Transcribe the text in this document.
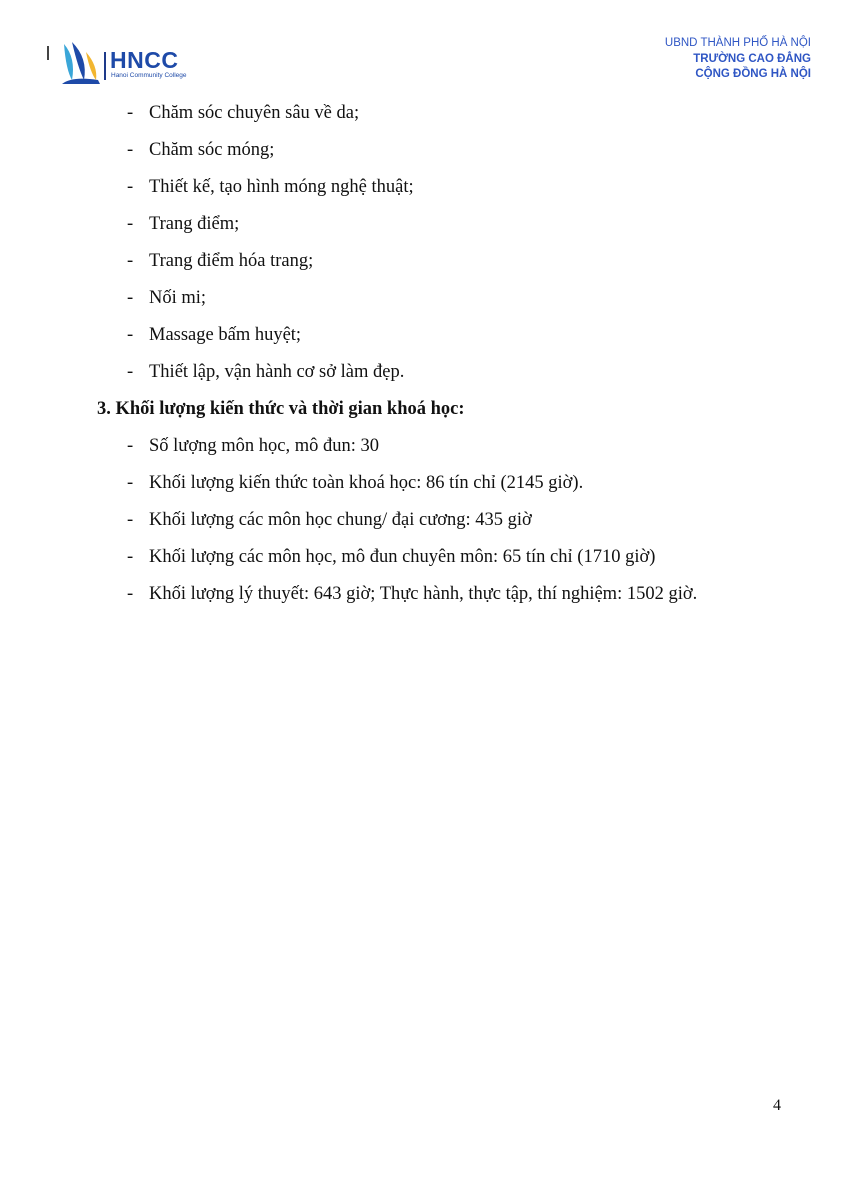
HNCC
Hanoi Community College
UBND THÀNH PHỐ HÀ NỘI
TRƯỜNG CAO ĐẲNG
CỘNG ĐỒNG HÀ NỘI
- Chăm sóc chuyên sâu về da;
- Chăm sóc móng;
- Thiết kế, tạo hình móng nghệ thuật;
- Trang điểm;
- Trang điểm hóa trang;
- Nối mi;
- Massage bấm huyệt;
- Thiết lập, vận hành cơ sở làm đẹp.
3. Khối lượng kiến thức và thời gian khoá học:
- Số lượng môn học, mô đun: 30
- Khối lượng kiến thức toàn khoá học: 86 tín chỉ (2145 giờ).
- Khối lượng các môn học chung/ đại cương: 435 giờ
- Khối lượng các môn học, mô đun chuyên môn: 65 tín chỉ (1710 giờ)
- Khối lượng lý thuyết: 643 giờ; Thực hành, thực tập, thí nghiệm: 1502 giờ.
4
